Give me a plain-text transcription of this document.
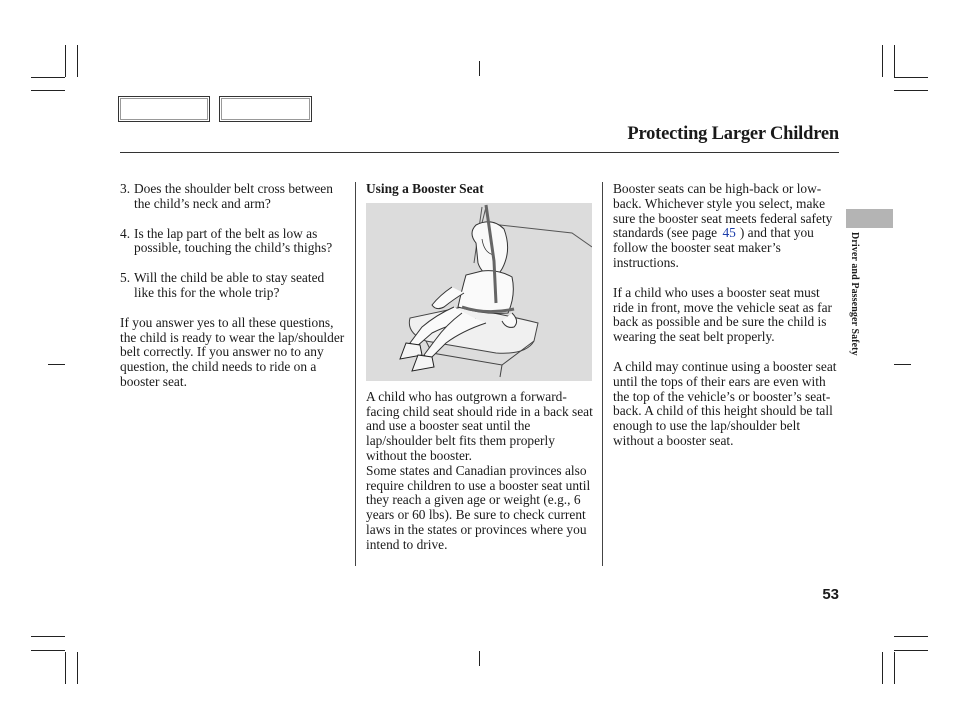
Protecting Larger Children

3. Does the shoulder belt cross between the child’s neck and arm?

4. Is the lap part of the belt as low as possible, touching the child’s thighs?

5. Will the child be able to stay seated like this for the whole trip?

If you answer yes to all these questions, the child is ready to wear the lap/shoulder belt correctly. If you answer no to any question, the child needs to ride on a booster seat.

Using a Booster Seat

A child who has outgrown a forward-facing child seat should ride in a back seat and use a booster seat until the lap/shoulder belt fits them properly without the booster.

Some states and Canadian provinces also require children to use a booster seat until they reach a given age or weight (e.g., 6 years or 60 lbs). Be sure to check current laws in the states or provinces where you intend to drive.

Booster seats can be high-back or low-back. Whichever style you select, make sure the booster seat meets federal safety standards (see page 45 ) and that you follow the booster seat maker’s instructions.

If a child who uses a booster seat must ride in front, move the vehicle seat as far back as possible and be sure the child is wearing the seat belt properly.

A child may continue using a booster seat until the tops of their ears are even with the top of the vehicle’s or booster’s seat-back. A child of this height should be tall enough to use the lap/shoulder belt without a booster seat.

Driver and Passenger Safety
53
